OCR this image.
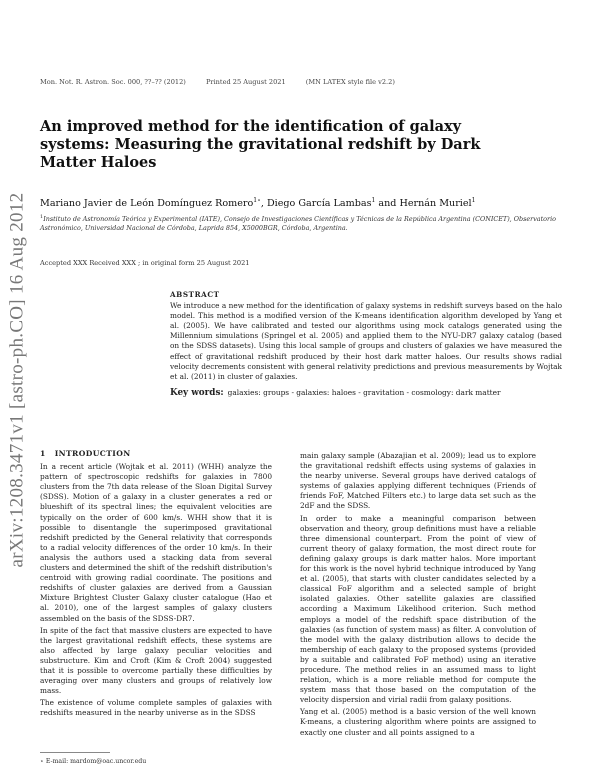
arXiv:1208.3471v1 [astro-ph.CO] 16 Aug 2012
Mon. Not. R. Astron. Soc. 000, ??–?? (2012)	Printed 25 August 2021	(MN LATEX style file v2.2)
An improved method for the identification of galaxy systems: Measuring the gravitational redshift by Dark Matter Haloes
Mariano Javier de León Domínguez Romero$^{1⋆}$, Diego García Lambas$^1$ and Hernán Muriel$^1$
$^1$Instituto de Astronomía Teórica y Experimental (IATE), Consejo de Investigaciones Científicas y Técnicas de la República Argentina (CONICET), Observatorio Astronómico, Universidad Nacional de Córdoba, Laprida 854, X5000BGR, Córdoba, Argentina.
Accepted XXX Received XXX ; in original form 25 August 2021
ABSTRACT

We introduce a new method for the identification of galaxy systems in redshift surveys based on the halo model. This method is a modified version of the K-means identification algorithm developed by Yang et al. (2005). We have calibrated and tested our algorithms using mock catalogs generated using the Millennium simulations (Springel et al. 2005) and applied them to the NYU-DR7 galaxy catalog (based on the SDSS datasets). Using this local sample of groups and clusters of galaxies we have measured the effect of gravitational redshift produced by their host dark matter haloes. Our results shows radial velocity decrements consistent with general relativity predictions and previous measurements by Wojtak et al. (2011) in cluster of galaxies.

Key words: galaxies: groups - galaxies: haloes - gravitation - cosmology: dark matter
1 INTRODUCTION

In a recent article (Wojtak et al. 2011) (WHH) analyze the pattern of spectroscopic redshifts for galaxies in 7800 clusters from the 7th data release of the Sloan Digital Survey (SDSS). Motion of a galaxy in a cluster generates a red or blueshift of its spectral lines; the equivalent velocities are typically on the order of 600 km/s. WHH show that it is possible to disentangle the superimposed gravitational redshift predicted by the General relativity that corresponds to a radial velocity differences of the order 10 km/s. In their analysis the authors used a stacking data from several clusters and determined the shift of the redshift distribution's centroid with growing radial coordinate. The positions and redshifts of cluster galaxies are derived from a Gaussian Mixture Brightest Cluster Galaxy cluster catalogue (Hao et al. 2010), one of the largest samples of galaxy clusters assembled on the basis of the SDSS-DR7.

In spite of the fact that massive clusters are expected to have the largest gravitational redshift effects, these systems are also affected by large galaxy peculiar velocities and substructure. Kim and Croft (Kim & Croft 2004) suggested that it is possible to overcome partially these difficulties by averaging over many clusters and groups of relatively low mass.

The existence of volume complete samples of galaxies with redshifts measured in the nearby universe as in the SDSS

main galaxy sample (Abazajian et al. 2009); lead us to explore the gravitational redshift effects using systems of galaxies in the nearby universe. Several groups have derived catalogs of systems of galaxies applying different techniques (Friends of friends FoF, Matched Filters etc.) to large data set such as the 2dF and the SDSS.

In order to make a meaningful comparison between observation and theory, group definitions must have a reliable three dimensional counterpart. From the point of view of current theory of galaxy formation, the most direct route for defining galaxy groups is dark matter halos. More important for this work is the novel hybrid technique introduced by Yang et al. (2005), that starts with cluster candidates selected by a classical FoF algorithm and a selected sample of bright isolated galaxies. Other satellite galaxies are classified according a Maximum Likelihood criterion. Such method employs a model of the redshift space distribution of the galaxies (as function of system mass) as filter. A convolution of the model with the galaxy distribution allows to decide the membership of each galaxy to the proposed systems (provided by a suitable and calibrated FoF method) using an iterative procedure. The method relies in an assumed mass to light relation, which is a more reliable method for compute the system mass that those based on the computation of the velocity dispersion and virial radii from galaxy positions.

Yang et al. (2005) method is a basic version of the well known K-means, a clustering algorithm where points are assigned to exactly one cluster and all points assigned to a

⋆ E-mail: mardom@oac.uncor.edu
